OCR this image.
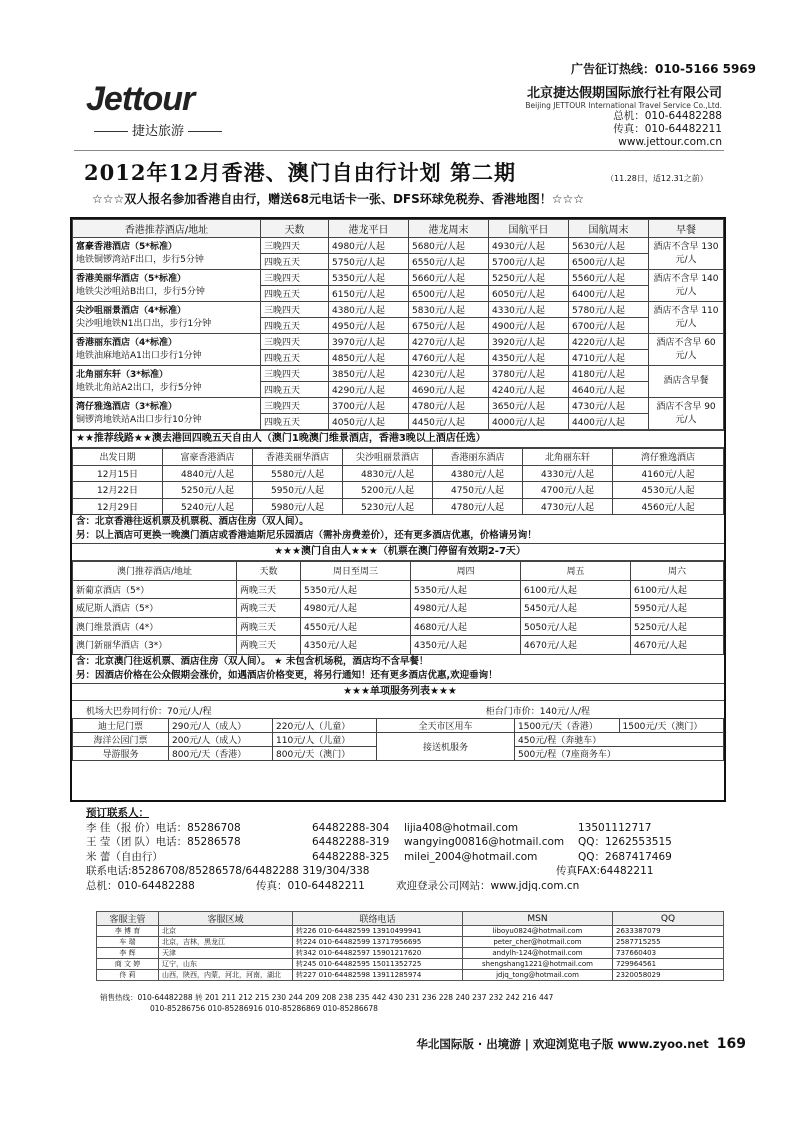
广告征订热线：010-5166 5969
Jettour
捷达旅游
北京捷达假期国际旅行社有限公司
Beijing JETTOUR International Travel Service Co.,Ltd.
总机：010-64482288
传真：010-64482211
www.jettour.com.cn
2012年12月香港、澳门自由行计划 第二期	（11.28日，适12.31之前）
☆☆☆双人报名参加香港自由行，赠送68元电话卡一张、DFS环球免税券、香港地图！☆☆☆
香港推荐酒店/地址	天数	港龙平日	港龙周末	国航平日	国航周末	早餐

富豪香港酒店（5*标准）
地铁铜锣湾站F出口，步行5分钟	三晚四天	4980元/人起	5680元/人起	4930元/人起	5630元/人起	酒店不含早 130元/人
	四晚五天	5750元/人起	6550元/人起	5700元/人起	6500元/人起	

香港美丽华酒店（5*标准）
地铁尖沙咀站B出口，步行5分钟	三晚四天	5350元/人起	5660元/人起	5250元/人起	5560元/人起	酒店不含早 140元/人
	四晚五天	6150元/人起	6500元/人起	6050元/人起	6400元/人起	

尖沙咀丽景酒店（4*标准）
尖沙咀地铁N1出口出，步行1分钟	三晚四天	4380元/人起	5830元/人起	4330元/人起	5780元/人起	酒店不含早 110元/人
	四晚五天	4950元/人起	6750元/人起	4900元/人起	6700元/人起	

香港丽东酒店（4*标准）
地铁油麻地站A1出口步行1分钟	三晚四天	3970元/人起	4270元/人起	3920元/人起	4220元/人起	酒店不含早 60元/人
	四晚五天	4850元/人起	4760元/人起	4350元/人起	4710元/人起	

北角丽东轩（3*标准）
地铁北角站A2出口，步行5分钟	三晚四天	3850元/人起	4230元/人起	3780元/人起	4180元/人起	酒店含早餐
	四晚五天	4290元/人起	4690元/人起	4240元/人起	4640元/人起	

湾仔雅逸酒店（3*标准）
铜锣湾地铁站A出口步行10分钟	三晚四天	3700元/人起	4780元/人起	3650元/人起	4730元/人起	酒店不含早 90元/人
	四晚五天	4050元/人起	4450元/人起	4000元/人起	4400元/人起	
★★推荐线路★★澳去港回四晚五天自由人（澳门1晚澳门维景酒店，香港3晚以上酒店任选）
出发日期	富豪香港酒店	香港美丽华酒店	尖沙咀丽景酒店	香港丽东酒店	北角丽东轩	湾仔雅逸酒店
12月15日	4840元/人起	5580元/人起	4830元/人起	4380元/人起	4330元/人起	4160元/人起
12月22日	5250元/人起	5950元/人起	5200元/人起	4750元/人起	4700元/人起	4530元/人起
12月29日	5240元/人起	5980元/人起	5230元/人起	4780元/人起	4730元/人起	4560元/人起
含：北京香港往返机票及机票税、酒店住房（双人间）。
另：以上酒店可更换一晚澳门酒店或香港迪斯尼乐园酒店（需补房费差价），还有更多酒店优惠，价格请另询！
★★★澳门自由人★★★（机票在澳门停留有效期2-7天）
澳门推荐酒店/地址	天数	周日至周三	周四	周五	周六
新葡京酒店（5*）	两晚三天	5350元/人起	5350元/人起	6100元/人起	6100元/人起
威尼斯人酒店（5*）	两晚三天	4980元/人起	4980元/人起	5450元/人起	5950元/人起
澳门维景酒店（4*）	两晚三天	4550元/人起	4680元/人起	5050元/人起	5250元/人起
澳门新丽华酒店（3*）	两晚三天	4350元/人起	4350元/人起	4670元/人起	4670元/人起
含：北京澳门往返机票、酒店住房（双人间）。 ★ 未包含机场税，酒店均不含早餐！
另：因酒店价格在公众假期会涨价，如遇酒店价格变更，将另行通知！还有更多酒店优惠,欢迎垂询！
★★★单项服务列表★★★
机场大巴券同行价：70元/人/程	柜台门市价：140元/人/程
迪士尼门票	290元/人（成人）	220元/人（儿童）	全天市区用车	1500元/天（香港）	1500元/天（澳门）
海洋公园门票	200元/人（成人）	110元/人（儿童）	接送机服务	450元/程（奔驰车）	
导游服务	800元/天（香港）	800元/天（澳门）		500元/程（7座商务车）	
预订联系人：
李 佳（报 价）电话：85286708	64482288-304	lijia408@hotmail.com	13501112717
王 莹（团 队）电话：85286578	64482288-319	wangying00816@hotmail.com	QQ：1262553515
米 蕾（自由行）	64482288-325	milei_2004@hotmail.com	QQ：2687417469
联系电话:85286708/85286578/64482288 319/304/338	传真FAX:64482211
总机：010-64482288	传真：010-64482211	欢迎登录公司网站：www.jdjq.com.cn
客服主管	客服区域	联络电话	MSN	QQ
李 博 育	北京	转226 010-64482599 13910499941	liboyu0824@hotmail.com	2633387079
车 瑞	北京，吉林，黑龙江	转224 010-64482599 13717956695	peter_cher@hotmail.com	2587715255
李 辉	天津	转342 010-64482597 15901217620	andylh-124@hotmail.com	737660403
商 文 婷	辽宁，山东	转245 010-64482595 15011352725	shengshang1221@hotmail.com	729964561
佟 莉	山西，陕西，内蒙，河北，河南，湖北	转227 010-64482598 13911285974	jdjq_tong@hotmail.com	2320058029
销售热线：010-64482288 转 201 211 212 215 230 244 209 208 238 235 442 430 231 236 228 240 237 232 242 216 447
010-85286756 010-85286916 010-85286869 010-85286678
华北国际版 · 出境游 | 欢迎浏览电子版 www.zyoo.net 169
